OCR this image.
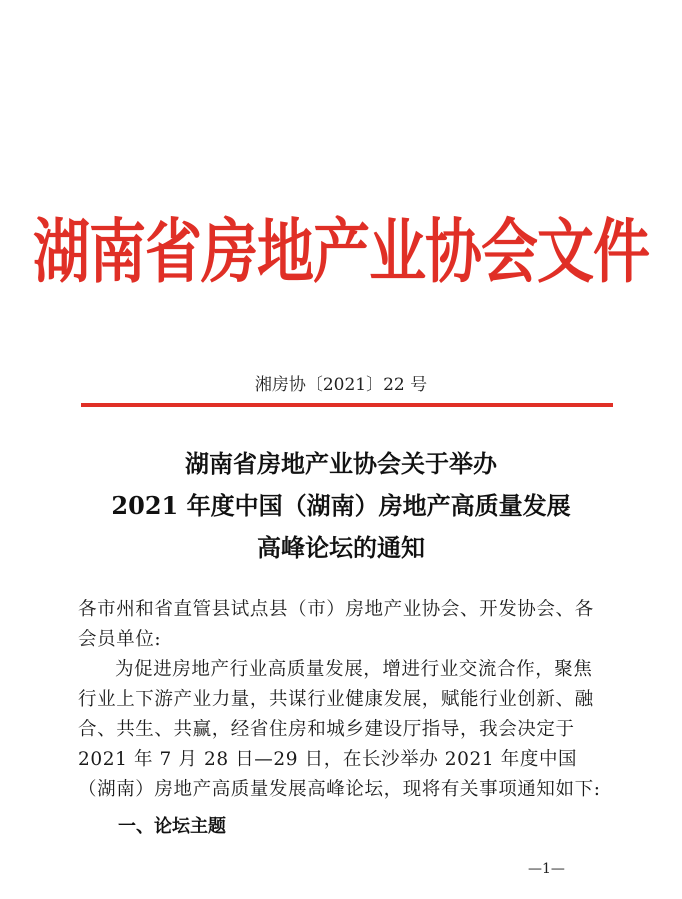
湖南省房地产业协会文件
湘房协〔2021〕22 号
湖南省房地产业协会关于举办
2021 年度中国（湖南）房地产高质量发展
高峰论坛的通知

各市州和省直管县试点县（市）房地产业协会、开发协会、各会员单位:

为促进房地产行业高质量发展，增进行业交流合作，聚焦行业上下游产业力量，共谋行业健康发展，赋能行业创新、融合、共生、共赢，经省住房和城乡建设厅指导，我会决定于 2021 年 7 月 28 日—29 日，在长沙举办 2021 年度中国（湖南）房地产高质量发展高峰论坛，现将有关事项通知如下:

一、论坛主题
—1—
